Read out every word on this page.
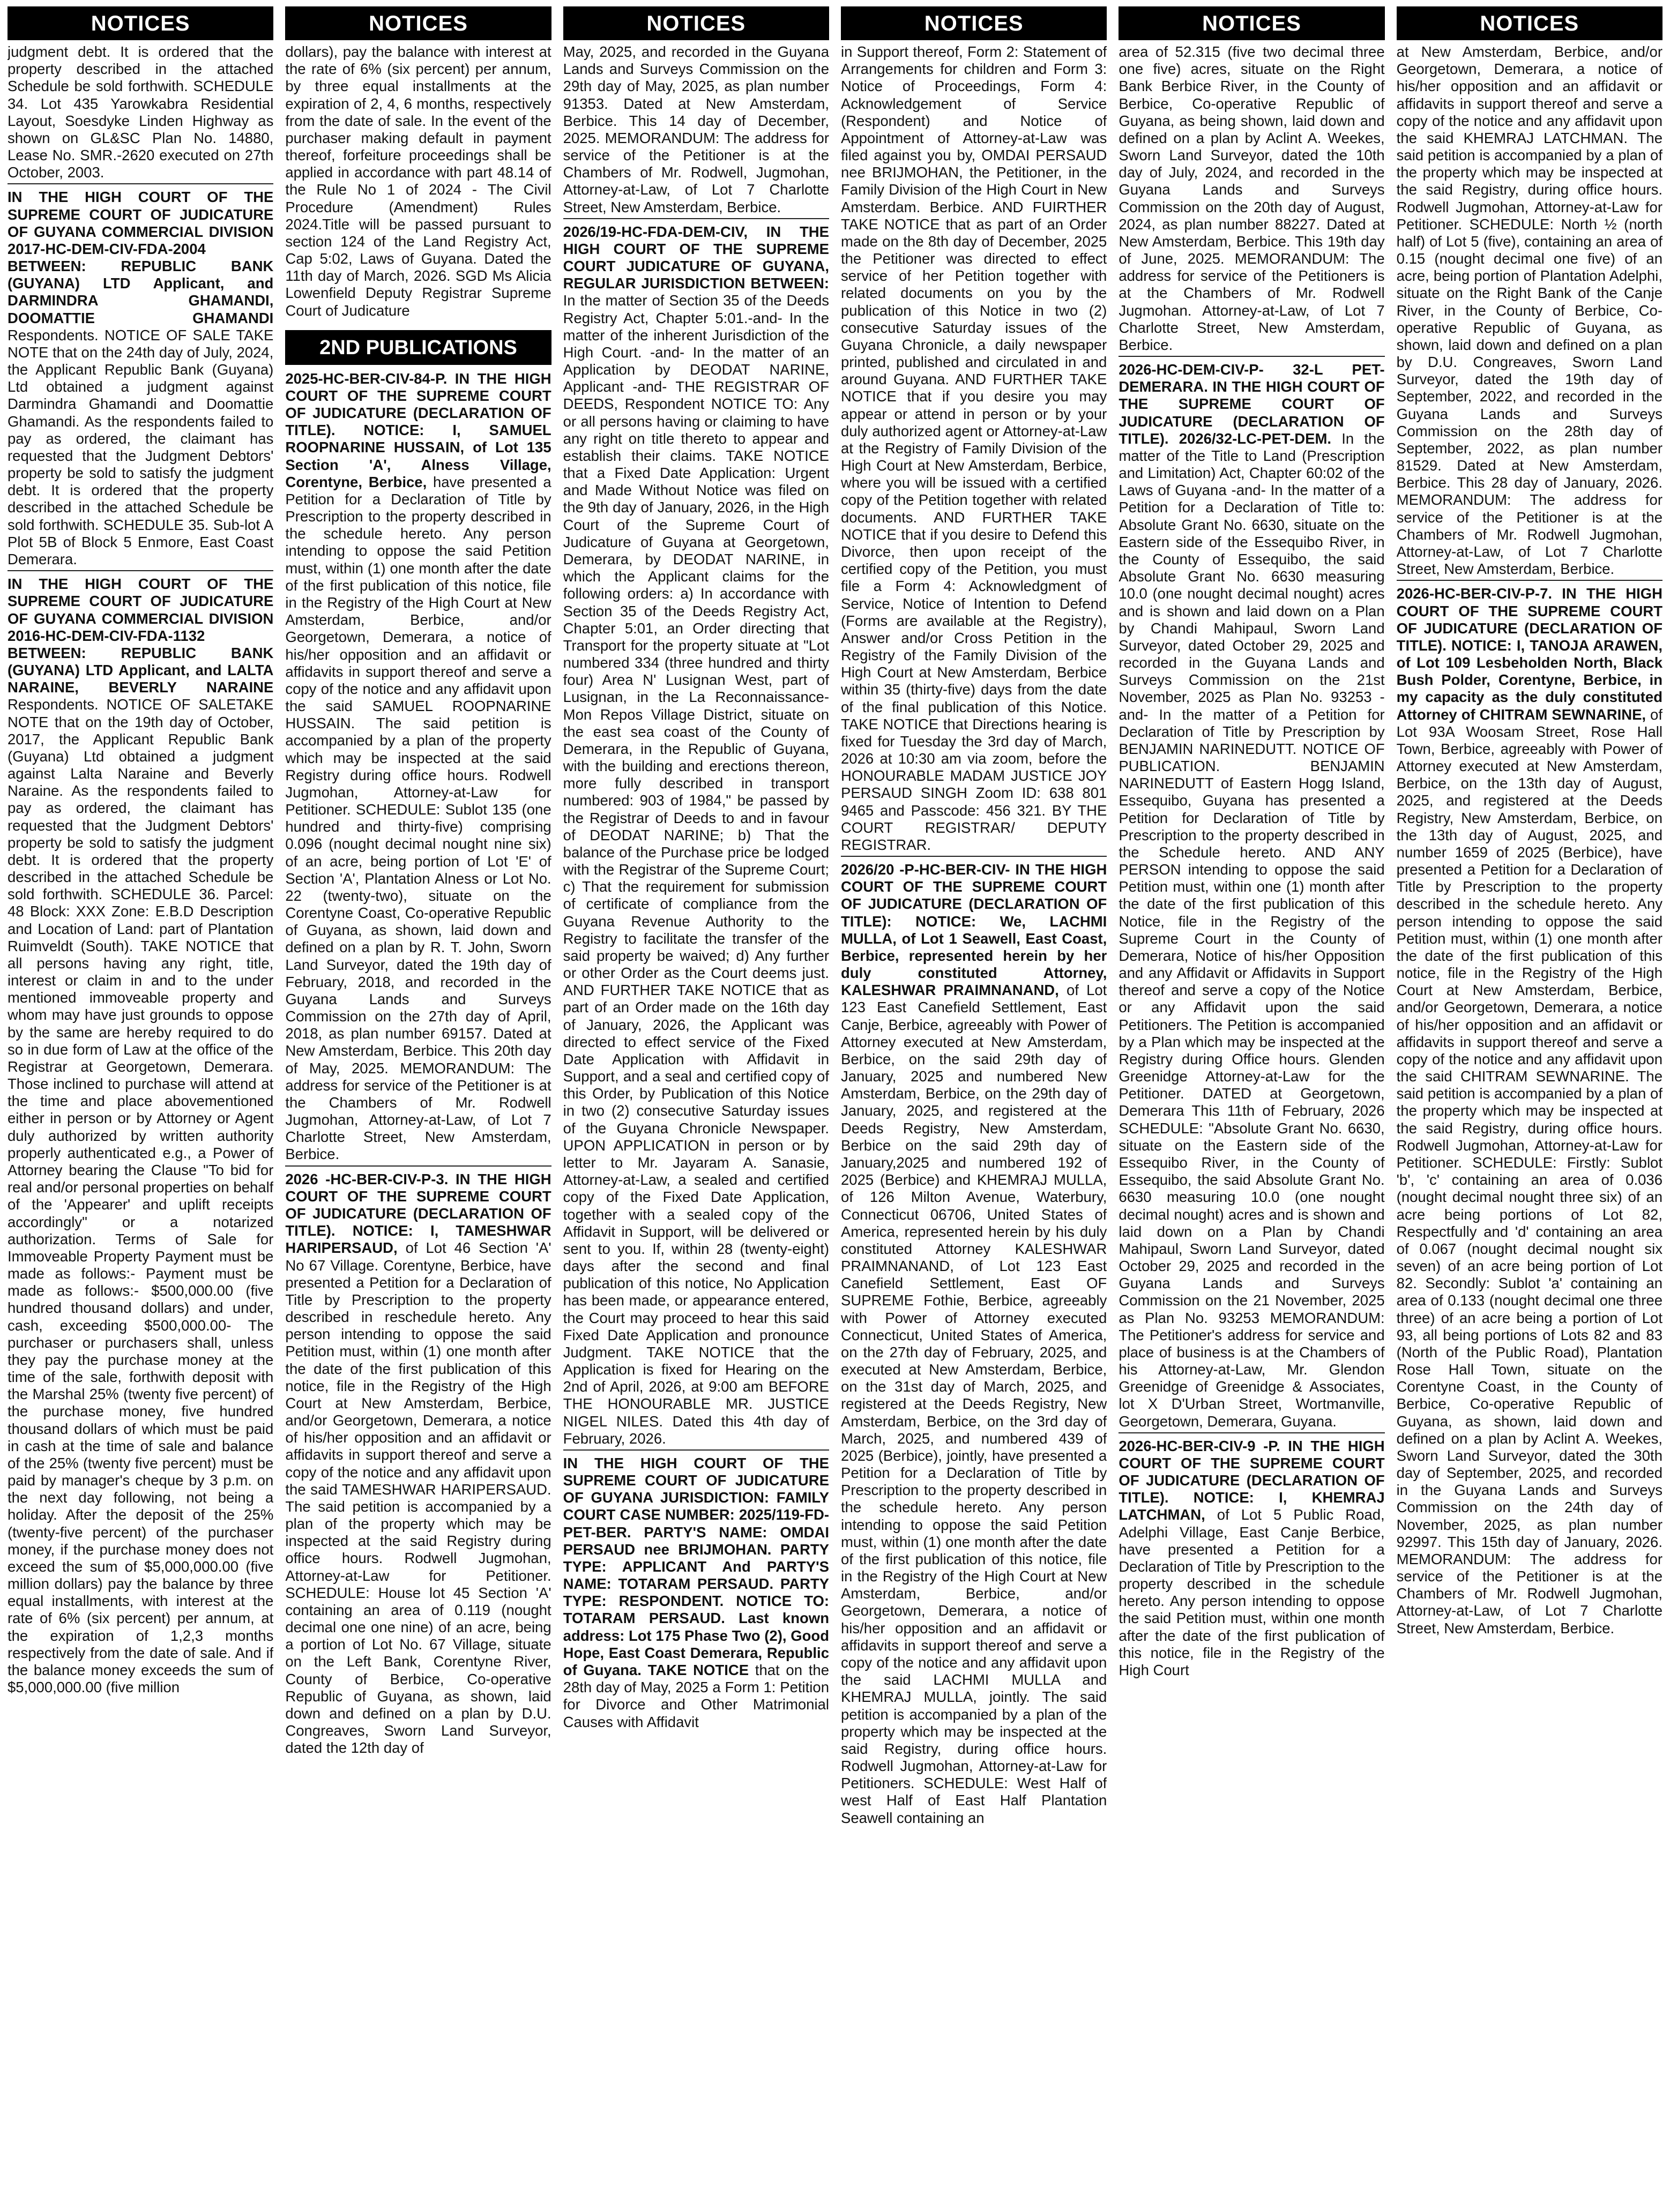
NOTICES
judgment debt. It is ordered that the property described in the attached Schedule be sold forthwith. SCHEDULE 34. Lot 435 Yarowkabra Residential Layout, Soesdyke Linden Highway as shown on GL&SC Plan No. 14880, Lease No. SMR.-2620 executed on 27th October, 2003.
IN THE HIGH COURT OF THE SUPREME COURT OF JUDICATURE OF GUYANA COMMERCIAL DIVISION 2017-HC-DEM-CIV-FDA-2004 BETWEEN: REPUBLIC BANK (GUYANA) LTD Applicant, and DARMINDRA GHAMANDI, DOOMATTIE GHAMANDI Respondents. NOTICE OF SALE TAKE NOTE that on the 24th day of July, 2024, the Applicant Republic Bank (Guyana) Ltd obtained a judgment against Darmindra Ghamandi and Doomattie Ghamandi. As the respondents failed to pay as ordered, the claimant has requested that the Judgment Debtors' property be sold to satisfy the judgment debt. It is ordered that the property described in the attached Schedule be sold forthwith. SCHEDULE 35. Sub-lot A Plot 5B of Block 5 Enmore, East Coast Demerara.
IN THE HIGH COURT OF THE SUPREME COURT OF JUDICATURE OF GUYANA COMMERCIAL DIVISION 2016-HC-DEM-CIV-FDA-1132 BETWEEN: REPUBLIC BANK (GUYANA) LTD Applicant, and LALTA NARAINE, BEVERLY NARAINE Respondents. NOTICE OF SALETAKE NOTE that on the 19th day of October, 2017, the Applicant Republic Bank (Guyana) Ltd obtained a judgment against Lalta Naraine and Beverly Naraine. As the respondents failed to pay as ordered, the claimant has requested that the Judgment Debtors' property be sold to satisfy the judgment debt. It is ordered that the property described in the attached Schedule be sold forthwith. SCHEDULE 36. Parcel: 48 Block: XXX Zone: E.B.D Description and Location of Land: part of Plantation Ruimveldt (South). TAKE NOTICE that all persons having any right, title, interest or claim in and to the under mentioned immoveable property and whom may have just grounds to oppose by the same are hereby required to do so in due form of Law at the office of the Registrar at Georgetown, Demerara. Those inclined to purchase will attend at the time and place abovementioned either in person or by Attorney or Agent duly authorized by written authority properly authenticated e.g., a Power of Attorney bearing the Clause "To bid for real and/or personal properties on behalf of the 'Appearer' and uplift receipts accordingly" or a notarized authorization. Terms of Sale for Immoveable Property Payment must be made as follows:- Payment must be made as follows:- $500,000.00 (five hundred thousand dollars) and under, cash, exceeding $500,000.00- The purchaser or purchasers shall, unless they pay the purchase money at the time of the sale, forthwith deposit with the Marshal 25% (twenty five percent) of the purchase money, five hundred thousand dollars of which must be paid in cash at the time of sale and balance of the 25% (twenty five percent) must be paid by manager's cheque by 3 p.m. on the next day following, not being a holiday. After the deposit of the 25% (twenty-five percent) of the purchaser money, if the purchase money does not exceed the sum of $5,000,000.00 (five million dollars) pay the balance by three equal installments, with interest at the rate of 6% (six percent) per annum, at the expiration of 1,2,3 months respectively from the date of sale. And if the balance money exceeds the sum of $5,000,000.00 (five million
NOTICES
dollars), pay the balance with interest at the rate of 6% (six percent) per annum, by three equal installments at the expiration of 2, 4, 6 months, respectively from the date of sale. In the event of the purchaser making default in payment thereof, forfeiture proceedings shall be applied in accordance with part 48.14 of the Rule No 1 of 2024 - The Civil Procedure (Amendment) Rules 2024.Title will be passed pursuant to section 124 of the Land Registry Act, Cap 5:02, Laws of Guyana. Dated the 11th day of March, 2026. SGD Ms Alicia Lowenfield Deputy Registrar Supreme Court of Judicature
2ND PUBLICATIONS
2025-HC-BER-CIV-84-P. IN THE HIGH COURT OF THE SUPREME COURT OF JUDICATURE (DECLARATION OF TITLE). NOTICE: I, SAMUEL ROOPNARINE HUSSAIN, of Lot 135 Section 'A', Alness Village, Corentyne, Berbice, have presented a Petition for a Declaration of Title by Prescription to the property described in the schedule hereto. Any person intending to oppose the said Petition must, within (1) one month after the date of the first publication of this notice, file in the Registry of the High Court at New Amsterdam, Berbice, and/or Georgetown, Demerara, a notice of his/her opposition and an affidavit or affidavits in support thereof and serve a copy of the notice and any affidavit upon the said SAMUEL ROOPNARINE HUSSAIN. The said petition is accompanied by a plan of the property which may be inspected at the said Registry during office hours. Rodwell Jugmohan, Attorney-at-Law for Petitioner. SCHEDULE: Sublot 135 (one hundred and thirty-five) comprising 0.096 (nought decimal nought nine six) of an acre, being portion of Lot 'E' of Section 'A', Plantation Alness or Lot No. 22 (twenty-two), situate on the Corentyne Coast, Co-operative Republic of Guyana, as shown, laid down and defined on a plan by R. T. John, Sworn Land Surveyor, dated the 19th day of February, 2018, and recorded in the Guyana Lands and Surveys Commission on the 27th day of April, 2018, as plan number 69157. Dated at New Amsterdam, Berbice. This 20th day of May, 2025. MEMORANDUM: The address for service of the Petitioner is at the Chambers of Mr. Rodwell Jugmohan, Attorney-at-Law, of Lot 7 Charlotte Street, New Amsterdam, Berbice.
2026 -HC-BER-CIV-P-3. IN THE HIGH COURT OF THE SUPREME COURT OF JUDICATURE (DECLARATION OF TITLE). NOTICE: I, TAMESHWAR HARIPERSAUD, of Lot 46 Section 'A' No 67 Village. Corentyne, Berbice, have presented a Petition for a Declaration of Title by Prescription to the property described in reschedule hereto. Any person intending to oppose the said Petition must, within (1) one month after the date of the first publication of this notice, file in the Registry of the High Court at New Amsterdam, Berbice, and/or Georgetown, Demerara, a notice of his/her opposition and an affidavit or affidavits in support thereof and serve a copy of the notice and any affidavit upon the said TAMESHWAR HARIPERSAUD. The said petition is accompanied by a plan of the property which may be inspected at the said Registry during office hours. Rodwell Jugmohan, Attorney-at-Law for Petitioner. SCHEDULE: House lot 45 Section 'A' containing an area of 0.119 (nought decimal one one nine) of an acre, being a portion of Lot No. 67 Village, situate on the Left Bank, Corentyne River, County of Berbice, Co-operative Republic of Guyana, as shown, laid down and defined on a plan by D.U. Congreaves, Sworn Land Surveyor, dated the 12th day of
NOTICES
May, 2025, and recorded in the Guyana Lands and Surveys Commission on the 29th day of May, 2025, as plan number 91353. Dated at New Amsterdam, Berbice. This 14 day of December, 2025. MEMORANDUM: The address for service of the Petitioner is at the Chambers of Mr. Rodwell, Jugmohan, Attorney-at-Law, of Lot 7 Charlotte Street, New Amsterdam, Berbice.
2026/19-HC-FDA-DEM-CIV, IN THE HIGH COURT OF THE SUPREME COURT JUDICATURE OF GUYANA, REGULAR JURISDICTION BETWEEN: In the matter of Section 35 of the Deeds Registry Act, Chapter 5:01.-and- In the matter of the inherent Jurisdiction of the High Court. -and- In the matter of an Application by DEODAT NARINE, Applicant -and- THE REGISTRAR OF DEEDS, Respondent NOTICE TO: Any or all persons having or claiming to have any right on title thereto to appear and establish their claims. TAKE NOTICE that a Fixed Date Application: Urgent and Made Without Notice was filed on the 9th day of January, 2026, in the High Court of the Supreme Court of Judicature of Guyana at Georgetown, Demerara, by DEODAT NARINE, in which the Applicant claims for the following orders: a) In accordance with Section 35 of the Deeds Registry Act, Chapter 5:01, an Order directing that Transport for the property situate at "Lot numbered 334 (three hundred and thirty four) Area N' Lusignan West, part of Lusignan, in the La Reconnaissance-Mon Repos Village District, situate on the east sea coast of the County of Demerara, in the Republic of Guyana, with the building and erections thereon, more fully described in transport numbered: 903 of 1984," be passed by the Registrar of Deeds to and in favour of DEODAT NARINE; b) That the balance of the Purchase price be lodged with the Registrar of the Supreme Court; c) That the requirement for submission of certificate of compliance from the Guyana Revenue Authority to the Registry to facilitate the transfer of the said property be waived; d) Any further or other Order as the Court deems just. AND FURTHER TAKE NOTICE that as part of an Order made on the 16th day of January, 2026, the Applicant was directed to effect service of the Fixed Date Application with Affidavit in Support, and a seal and certified copy of this Order, by Publication of this Notice in two (2) consecutive Saturday issues of the Guyana Chronicle Newspaper. UPON APPLICATION in person or by letter to Mr. Jayaram A. Sanasie, Attorney-at-Law, a sealed and certified copy of the Fixed Date Application, together with a sealed copy of the Affidavit in Support, will be delivered or sent to you. If, within 28 (twenty-eight) days after the second and final publication of this notice, No Application has been made, or appearance entered, the Court may proceed to hear this said Fixed Date Application and pronounce Judgment. TAKE NOTICE that the Application is fixed for Hearing on the 2nd of April, 2026, at 9:00 am BEFORE THE HONOURABLE MR. JUSTICE NIGEL NILES. Dated this 4th day of February, 2026.
IN THE HIGH COURT OF THE SUPREME COURT OF JUDICATURE OF GUYANA JURISDICTION: FAMILY COURT CASE NUMBER: 2025/119-FD-PET-BER. PARTY'S NAME: OMDAI PERSAUD nee BRIJMOHAN. PARTY TYPE: APPLICANT And PARTY'S NAME: TOTARAM PERSAUD. PARTY TYPE: RESPONDENT. NOTICE TO: TOTARAM PERSAUD. Last known address: Lot 175 Phase Two (2), Good Hope, East Coast Demerara, Republic of Guyana. TAKE NOTICE that on the 28th day of May, 2025 a Form 1: Petition for Divorce and Other Matrimonial Causes with Affidavit
NOTICES
in Support thereof, Form 2: Statement of Arrangements for children and Form 3: Notice of Proceedings, Form 4: Acknowledgement of Service (Respondent) and Notice of Appointment of Attorney-at-Law was filed against you by, OMDAI PERSAUD nee BRIJMOHAN, the Petitioner, in the Family Division of the High Court in New Amsterdam. Berbice. AND FUIRTHER TAKE NOTICE that as part of an Order made on the 8th day of December, 2025 the Petitioner was directed to effect service of her Petition together with related documents on you by the publication of this Notice in two (2) consecutive Saturday issues of the Guyana Chronicle, a daily newspaper printed, published and circulated in and around Guyana. AND FURTHER TAKE NOTICE that if you desire you may appear or attend in person or by your duly authorized agent or Attorney-at-Law at the Registry of Family Division of the High Court at New Amsterdam, Berbice, where you will be issued with a certified copy of the Petition together with related documents. AND FURTHER TAKE NOTICE that if you desire to Defend this Divorce, then upon receipt of the certified copy of the Petition, you must file a Form 4: Acknowledgment of Service, Notice of Intention to Defend (Forms are available at the Registry), Answer and/or Cross Petition in the Registry of the Family Division of the High Court at New Amsterdam, Berbice within 35 (thirty-five) days from the date of the final publication of this Notice. TAKE NOTICE that Directions hearing is fixed for Tuesday the 3rd day of March, 2026 at 10:30 am via zoom, before the HONOURABLE MADAM JUSTICE JOY PERSAUD SINGH Zoom ID: 638 801 9465 and Passcode: 456 321. BY THE COURT REGISTRAR/ DEPUTY REGISTRAR.
2026/20 -P-HC-BER-CIV- IN THE HIGH COURT OF THE SUPREME COURT OF JUDICATURE (DECLARATION OF TITLE): NOTICE: We, LACHMI MULLA, of Lot 1 Seawell, East Coast, Berbice, represented herein by her duly constituted Attorney, KALESHWAR PRAIMNANAND, of Lot 123 East Canefield Settlement, East Canje, Berbice, agreeably with Power of Attorney executed at New Amsterdam, Berbice, on the said 29th day of January, 2025 and numbered New Amsterdam, Berbice, on the 29th day of January, 2025, and registered at the Deeds Registry, New Amsterdam, Berbice on the said 29th day of January,2025 and numbered 192 of 2025 (Berbice) and KHEMRAJ MULLA, of 126 Milton Avenue, Waterbury, Connecticut 06706, United States of America, represented herein by his duly constituted Attorney KALESHWAR PRAIMNANAND, of Lot 123 East Canefield Settlement, East OF SUPREME Fothie, Berbice, agreeably with Power of Attorney executed Connecticut, United States of America, on the 27th day of February, 2025, and executed at New Amsterdam, Berbice, on the 31st day of March, 2025, and registered at the Deeds Registry, New Amsterdam, Berbice, on the 3rd day of March, 2025, and numbered 439 of 2025 (Berbice), jointly, have presented a Petition for a Declaration of Title by Prescription to the property described in the schedule hereto. Any person intending to oppose the said Petition must, within (1) one month after the date of the first publication of this notice, file in the Registry of the High Court at New Amsterdam, Berbice, and/or Georgetown, Demerara, a notice of his/her opposition and an affidavit or affidavits in support thereof and serve a copy of the notice and any affidavit upon the said LACHMI MULLA and KHEMRAJ MULLA, jointly. The said petition is accompanied by a plan of the property which may be inspected at the said Registry, during office hours. Rodwell Jugmohan, Attorney-at-Law for Petitioners. SCHEDULE: West Half of west Half of East Half Plantation Seawell containing an
NOTICES
area of 52.315 (five two decimal three one five) acres, situate on the Right Bank Berbice River, in the County of Berbice, Co-operative Republic of Guyana, as being shown, laid down and defined on a plan by Aclint A. Weekes, Sworn Land Surveyor, dated the 10th day of July, 2024, and recorded in the Guyana Lands and Surveys Commission on the 20th day of August, 2024, as plan number 88227. Dated at New Amsterdam, Berbice. This 19th day of June, 2025. MEMORANDUM: The address for service of the Petitioners is at the Chambers of Mr. Rodwell Jugmohan. Attorney-at-Law, of Lot 7 Charlotte Street, New Amsterdam, Berbice.
2026-HC-DEM-CIV-P- 32-L PET- DEMERARA. IN THE HIGH COURT OF THE SUPREME COURT OF JUDICATURE (DECLARATION OF TITLE). 2026/32-LC-PET-DEM. In the matter of the Title to Land (Prescription and Limitation) Act, Chapter 60:02 of the Laws of Guyana -and- In the matter of a Petition for a Declaration of Title to: Absolute Grant No. 6630, situate on the Eastern side of the Essequibo River, in the County of Essequibo, the said Absolute Grant No. 6630 measuring 10.0 (one nought decimal nought) acres and is shown and laid down on a Plan by Chandi Mahipaul, Sworn Land Surveyor, dated October 29, 2025 and recorded in the Guyana Lands and Surveys Commission on the 21st November, 2025 as Plan No. 93253 -and- In the matter of a Petition for Declaration of Title by Prescription by BENJAMIN NARINEDUTT. NOTICE OF PUBLICATION. BENJAMIN NARINEDUTT of Eastern Hogg Island, Essequibo, Guyana has presented a Petition for Declaration of Title by Prescription to the property described in the Schedule hereto. AND ANY PERSON intending to oppose the said Petition must, within one (1) month after the date of the first publication of this Notice, file in the Registry of the Supreme Court in the County of Demerara, Notice of his/her Opposition and any Affidavit or Affidavits in Support thereof and serve a copy of the Notice or any Affidavit upon the said Petitioners. The Petition is accompanied by a Plan which may be inspected at the Registry during Office hours. Glenden Greenidge Attorney-at-Law for the Petitioner. DATED at Georgetown, Demerara This 11th of February, 2026 SCHEDULE: "Absolute Grant No. 6630, situate on the Eastern side of the Essequibo River, in the County of Essequibo, the said Absolute Grant No. 6630 measuring 10.0 (one nought decimal nought) acres and is shown and laid down on a Plan by Chandi Mahipaul, Sworn Land Surveyor, dated October 29, 2025 and recorded in the Guyana Lands and Surveys Commission on the 21 November, 2025 as Plan No. 93253 MEMORANDUM: The Petitioner's address for service and place of business is at the Chambers of his Attorney-at-Law, Mr. Glendon Greenidge of Greenidge & Associates, lot X D'Urban Street, Wortmanville, Georgetown, Demerara, Guyana.
2026-HC-BER-CIV-9 -P. IN THE HIGH COURT OF THE SUPREME COURT OF JUDICATURE (DECLARATION OF TITLE). NOTICE: I, KHEMRAJ LATCHMAN, of Lot 5 Public Road, Adelphi Village, East Canje Berbice, have presented a Petition for a Declaration of Title by Prescription to the property described in the schedule hereto. Any person intending to oppose the said Petition must, within one month after the date of the first publication of this notice, file in the Registry of the High Court
NOTICES
at New Amsterdam, Berbice, and/or Georgetown, Demerara, a notice of his/her opposition and an affidavit or affidavits in support thereof and serve a copy of the notice and any affidavit upon the said KHEMRAJ LATCHMAN. The said petition is accompanied by a plan of the property which may be inspected at the said Registry, during office hours. Rodwell Jugmohan, Attorney-at-Law for Petitioner. SCHEDULE: North ½ (north half) of Lot 5 (five), containing an area of 0.15 (nought decimal one five) of an acre, being portion of Plantation Adelphi, situate on the Right Bank of the Canje River, in the County of Berbice, Co-operative Republic of Guyana, as shown, laid down and defined on a plan by D.U. Congreaves, Sworn Land Surveyor, dated the 19th day of September, 2022, and recorded in the Guyana Lands and Surveys Commission on the 28th day of September, 2022, as plan number 81529. Dated at New Amsterdam, Berbice. This 28 day of January, 2026. MEMORANDUM: The address for service of the Petitioner is at the Chambers of Mr. Rodwell Jugmohan, Attorney-at-Law, of Lot 7 Charlotte Street, New Amsterdam, Berbice.
2026-HC-BER-CIV-P-7. IN THE HIGH COURT OF THE SUPREME COURT OF JUDICATURE (DECLARATION OF TITLE). NOTICE: I, TANOJA ARAWEN, of Lot 109 Lesbeholden North, Black Bush Polder, Corentyne, Berbice, in my capacity as the duly constituted Attorney of CHITRAM SEWNARINE, of Lot 93A Woosam Street, Rose Hall Town, Berbice, agreeably with Power of Attorney executed at New Amsterdam, Berbice, on the 13th day of August, 2025, and registered at the Deeds Registry, New Amsterdam, Berbice, on the 13th day of August, 2025, and number 1659 of 2025 (Berbice), have presented a Petition for a Declaration of Title by Prescription to the property described in the schedule hereto. Any person intending to oppose the said Petition must, within (1) one month after the date of the first publication of this notice, file in the Registry of the High Court at New Amsterdam, Berbice, and/or Georgetown, Demerara, a notice of his/her opposition and an affidavit or affidavits in support thereof and serve a copy of the notice and any affidavit upon the said CHITRAM SEWNARINE. The said petition is accompanied by a plan of the property which may be inspected at the said Registry, during office hours. Rodwell Jugmohan, Attorney-at-Law for Petitioner. SCHEDULE: Firstly: Sublot 'b', 'c' containing an area of 0.036 (nought decimal nought three six) of an acre being portions of Lot 82, Respectfully and 'd' containing an area of 0.067 (nought decimal nought six seven) of an acre being portion of Lot 82. Secondly: Sublot 'a' containing an area of 0.133 (nought decimal one three three) of an acre being a portion of Lot 93, all being portions of Lots 82 and 83 (North of the Public Road), Plantation Rose Hall Town, situate on the Corentyne Coast, in the County of Berbice, Co-operative Republic of Guyana, as shown, laid down and defined on a plan by Aclint A. Weekes, Sworn Land Surveyor, dated the 30th day of September, 2025, and recorded in the Guyana Lands and Surveys Commission on the 24th day of November, 2025, as plan number 92997. This 15th day of January, 2026. MEMORANDUM: The address for service of the Petitioner is at the Chambers of Mr. Rodwell Jugmohan, Attorney-at-Law, of Lot 7 Charlotte Street, New Amsterdam, Berbice.
